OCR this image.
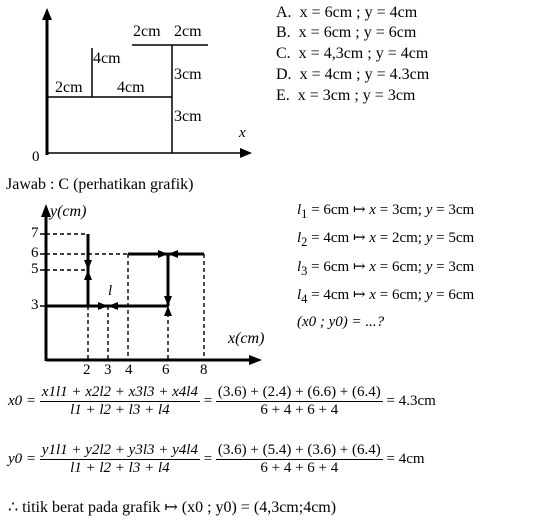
2cm
4cm
4cm
2cm 2cm
3cm
3cm
x
0
A. x = 6cm ; y = 4cm
B. x = 6cm ; y = 6cm
C. x = 4,3cm ; y = 4cm
D. x = 4cm ; y = 4.3cm
E. x = 3cm ; y = 3cm
Jawab : C (perhatikan grafik)
y(cm)
x(cm)
7
6
5
3
2 3 4 6 8
l
$l_1 = 6cm$ ↦ x = 3cm; y = 3cm
$l_2 = 4cm$ ↦ x = 2cm; y = 5cm
$l_3 = 6cm$ ↦ x = 6cm; y = 3cm
$l_4 = 4cm$ ↦ x = 6cm; y = 6cm
(x0 ; y0) = ...?
$x0 = \frac{x1l1 + x2l2 + x3l3 + x4l4}{l1 + l2 + l3 + l4} = \frac{(3.6) + (2.4) + (6.6) + (6.4)}{6 + 4 + 6 + 4} = 4.3cm$
$y0 = \frac{y1l1 + y2l2 + y3l3 + y4l4}{l1 + l2 + l3 + l4} = \frac{(3.6) + (5.4) + (3.6) + (6.4)}{6 + 4 + 6 + 4} = 4cm$
∴ titik berat pada grafik ↦ (x0 ; y0) = (4,3cm;4cm)
